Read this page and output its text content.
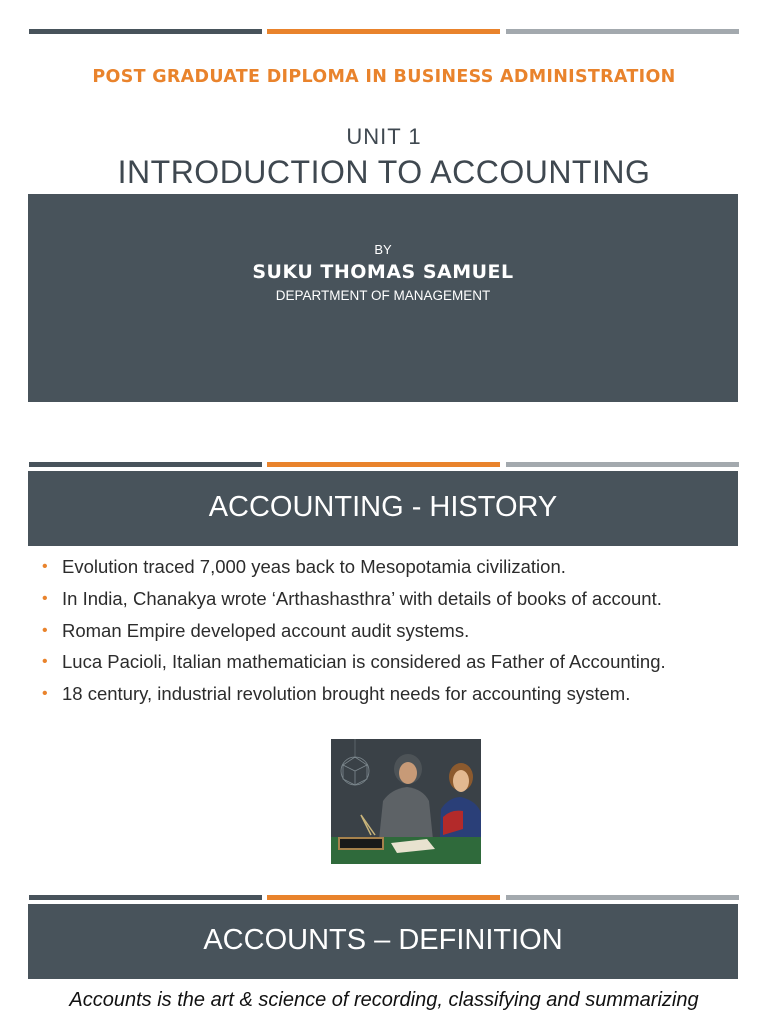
POST GRADUATE DIPLOMA IN BUSINESS ADMINISTRATION
UNIT 1
INTRODUCTION TO ACCOUNTING
BY
SUKU THOMAS SAMUEL
DEPARTMENT OF MANAGEMENT
ACCOUNTING - HISTORY
• Evolution traced 7,000 yeas back to Mesopotamia civilization.
• In India, Chanakya wrote ‘Arthashasthra’ with details of books of account.
• Roman Empire developed account audit systems.
• Luca Pacioli, Italian mathematician is considered as Father of Accounting.
• 18 century, industrial revolution brought needs for accounting system.
ACCOUNTS – DEFINITION
Accounts is the art & science of recording, classifying and summarizing
